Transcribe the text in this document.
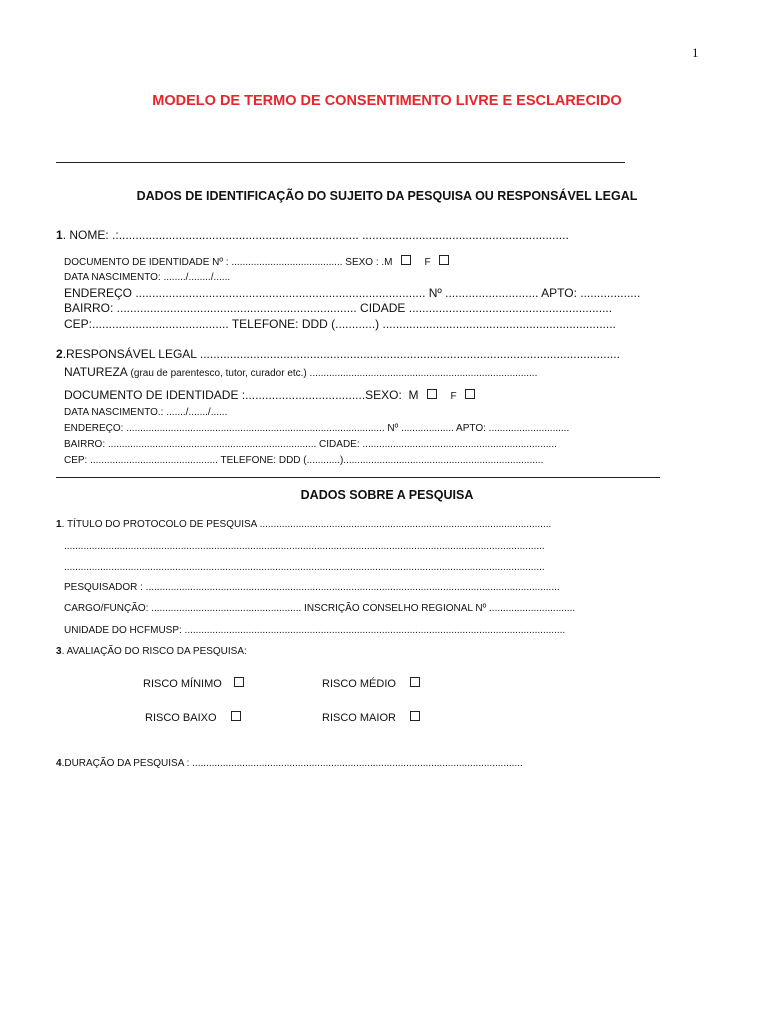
1
MODELO DE TERMO DE CONSENTIMENTO LIVRE E ESCLARECIDO
DADOS DE IDENTIFICAÇÃO DO SUJEITO DA PESQUISA OU RESPONSÁVEL LEGAL
1. NOME: .:........................................................................ ..............................................................
DOCUMENTO DE IDENTIDADE Nº : ........................................ SEXO : .M	F
DATA NASCIMENTO: ......../......../......
ENDEREÇO ....................................................................................... Nº ............................ APTO: ..................
BAIRRO: ........................................................................ CIDADE .............................................................
CEP:......................................... TELEFONE: DDD (............) ......................................................................
2.RESPONSÁVEL LEGAL ..............................................................................................................................
NATUREZA (grau de parentesco, tutor, curador etc.) ..................................................................................
DOCUMENTO DE IDENTIDADE :....................................SEXO:  M	F
DATA NASCIMENTO.: ......./......./......
ENDEREÇO: ............................................................................................. Nº ................... APTO: .............................
BAIRRO: ........................................................................... CIDADE: ......................................................................
CEP: .............................................. TELEFONE: DDD (............)........................................................................
DADOS SOBRE A PESQUISA
1. TÍTULO DO PROTOCOLO DE PESQUISA .........................................................................................................
.............................................................................................................................................................................
.............................................................................................................................................................................
PESQUISADOR : .....................................................................................................................................................
CARGO/FUNÇÃO: ...................................................... INSCRIÇÃO CONSELHO REGIONAL Nº ...............................
UNIDADE DO HCFMUSP: .........................................................................................................................................
3. AVALIAÇÃO DO RISCO DA PESQUISA:
RISCO MÍNIMO	RISCO MÉDIO
RISCO BAIXO	RISCO MAIOR
4.DURAÇÃO DA PESQUISA : .......................................................................................................................
